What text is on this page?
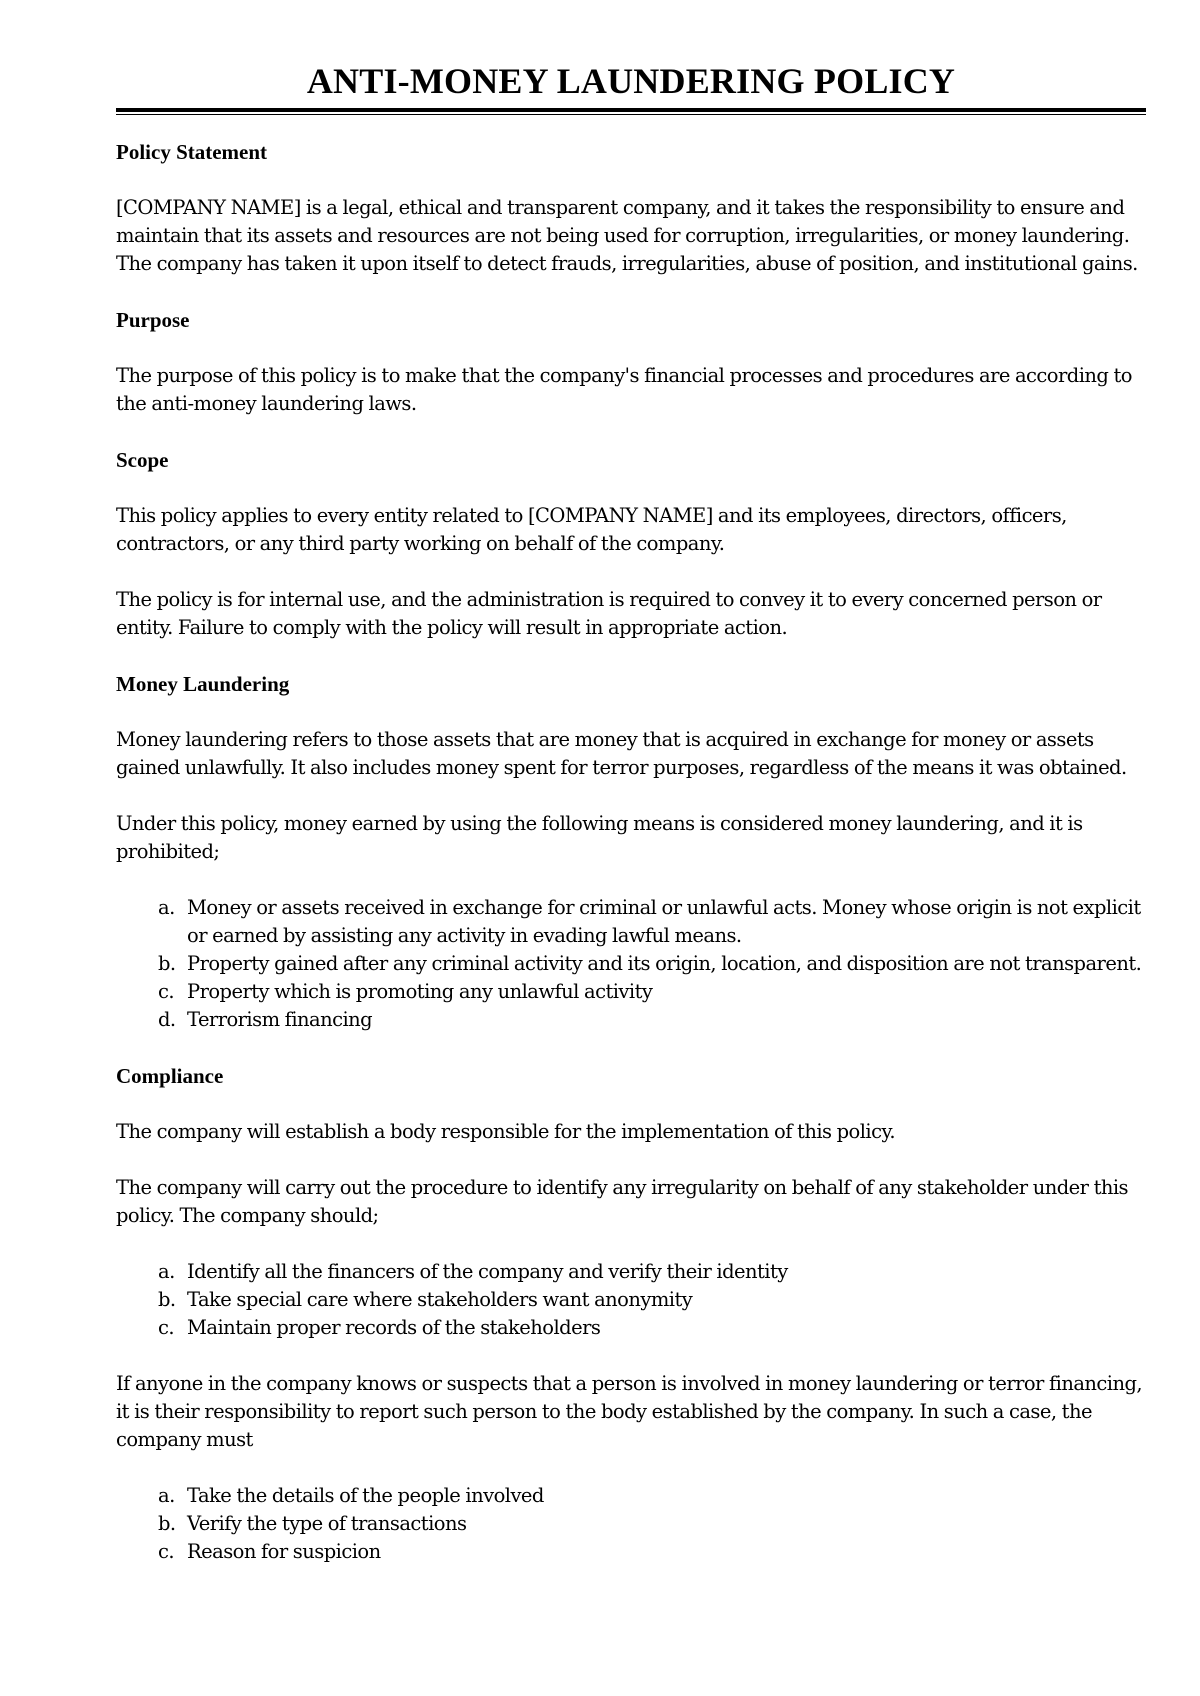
ANTI-MONEY LAUNDERING POLICY
Policy Statement

[COMPANY NAME] is a legal, ethical and transparent company, and it takes the responsibility to ensure and maintain that its assets and resources are not being used for corruption, irregularities, or money laundering. The company has taken it upon itself to detect frauds, irregularities, abuse of position, and institutional gains.

Purpose

The purpose of this policy is to make that the company's financial processes and procedures are according to the anti-money laundering laws.

Scope

This policy applies to every entity related to [COMPANY NAME] and its employees, directors, officers, contractors, or any third party working on behalf of the company.

The policy is for internal use, and the administration is required to convey it to every concerned person or entity. Failure to comply with the policy will result in appropriate action.

Money Laundering

Money laundering refers to those assets that are money that is acquired in exchange for money or assets gained unlawfully. It also includes money spent for terror purposes, regardless of the means it was obtained.

Under this policy, money earned by using the following means is considered money laundering, and it is prohibited;

a. Money or assets received in exchange for criminal or unlawful acts. Money whose origin is not explicit or earned by assisting any activity in evading lawful means.
b. Property gained after any criminal activity and its origin, location, and disposition are not transparent.
c. Property which is promoting any unlawful activity
d. Terrorism financing
Compliance

The company will establish a body responsible for the implementation of this policy.

The company will carry out the procedure to identify any irregularity on behalf of any stakeholder under this policy. The company should;

a. Identify all the financers of the company and verify their identity
b. Take special care where stakeholders want anonymity
c. Maintain proper records of the stakeholders

If anyone in the company knows or suspects that a person is involved in money laundering or terror financing, it is their responsibility to report such person to the body established by the company. In such a case, the company must

a. Take the details of the people involved
b. Verify the type of transactions
c. Reason for suspicion
